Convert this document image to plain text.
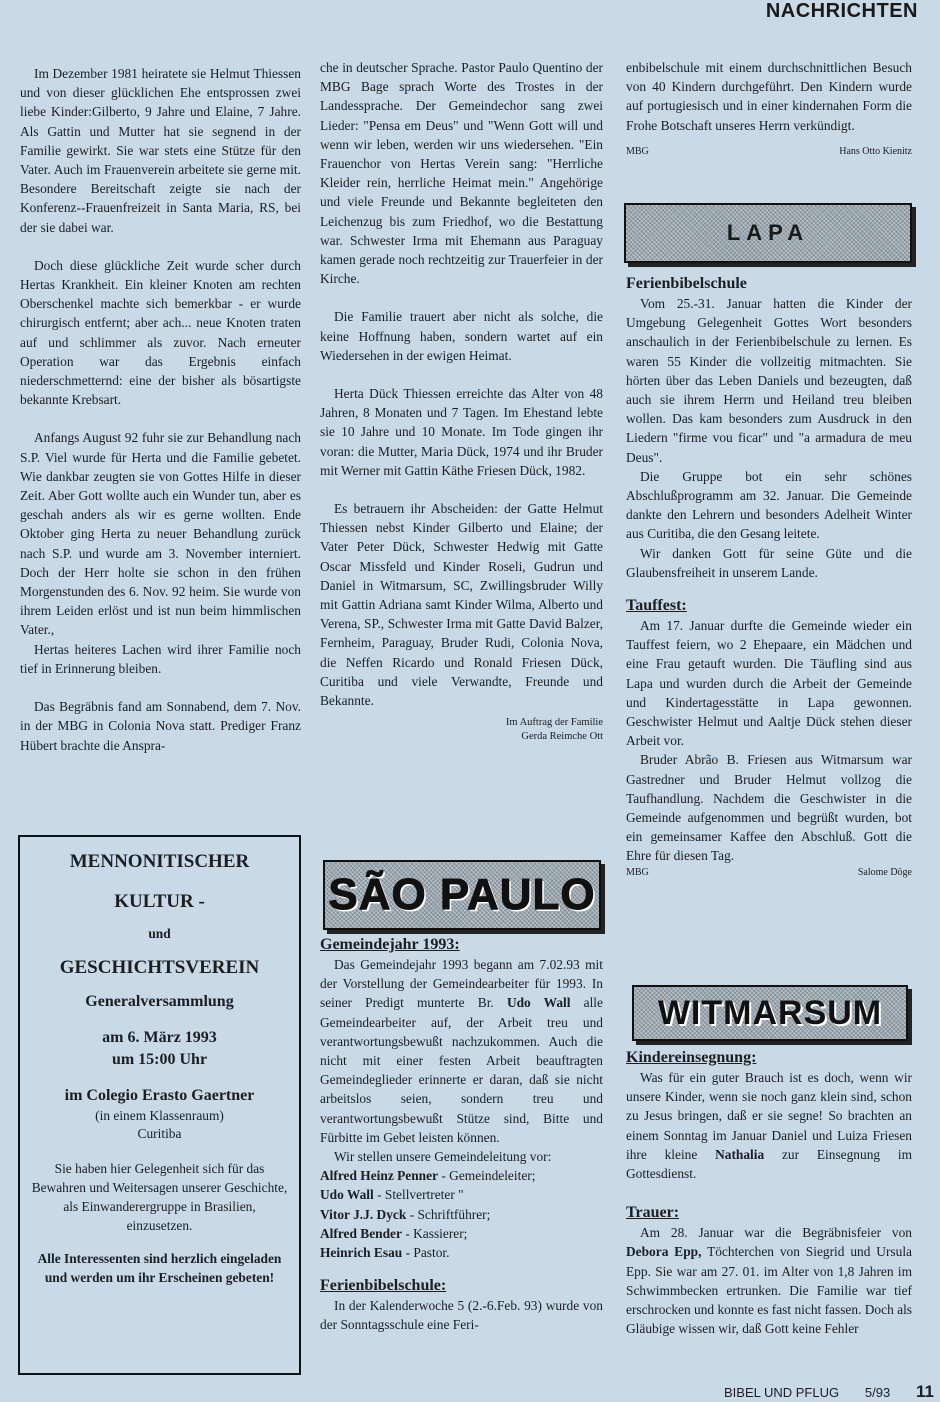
NACHRICHTEN

Im Dezember 1981 heiratete sie Helmut Thiessen und von dieser glücklichen Ehe entsprossen zwei liebe Kinder:Gilberto, 9 Jahre und Elaine, 7 Jahre. Als Gattin und Mutter hat sie segnend in der Familie gewirkt. Sie war stets eine Stütze für den Vater. Auch im Frauenverein arbeitete sie gerne mit. Besondere Bereitschaft zeigte sie nach der Konferenz--Frauenfreizeit in Santa Maria, RS, bei der sie dabei war.

Doch diese glückliche Zeit wurde scher durch Hertas Krankheit. Ein kleiner Knoten am rechten Oberschenkel machte sich bemerkbar - er wurde chirurgisch entfernt; aber ach... neue Knoten traten auf und schlimmer als zuvor. Nach erneuter Operation war das Ergebnis einfach niederschmetternd: eine der bisher als bösartigste bekannte Krebsart.

Anfangs August 92 fuhr sie zur Behandlung nach S.P. Viel wurde für Herta und die Familie gebetet. Wie dankbar zeugten sie von Gottes Hilfe in dieser Zeit. Aber Gott wollte auch ein Wunder tun, aber es geschah anders als wir es gerne wollten. Ende Oktober ging Herta zu neuer Behandlung zurück nach S.P. und wurde am 3. November interniert. Doch der Herr holte sie schon in den frühen Morgenstunden des 6. Nov. 92 heim. Sie wurde von ihrem Leiden erlöst und ist nun beim himmlischen Vater.,

Hertas heiteres Lachen wird ihrer Familie noch tief in Erinnerung bleiben.

Das Begräbnis fand am Sonnabend, dem 7. Nov. in der MBG in Colonia Nova statt. Prediger Franz Hübert brachte die Anspra-

MENNONITISCHER
KULTUR -
und
GESCHICHTSVEREIN
Generalversammlung
am 6. März 1993
um 15:00 Uhr
im Colegio Erasto Gaertner
(in einem Klassenraum)
Curitiba
Sie haben hier Gelegenheit sich für das Bewahren und Weitersagen unserer Geschichte, als Einwanderergruppe in Brasilien, einzusetzen.
Alle Interessenten sind herzlich eingeladen und werden um ihr Erscheinen gebeten!

che in deutscher Sprache. Pastor Paulo Quentino der MBG Bage sprach Worte des Trostes in der Landessprache. Der Gemeindechor sang zwei Lieder: "Pensa em Deus" und "Wenn Gott will und wenn wir leben, werden wir uns wiedersehen. "Ein Frauenchor von Hertas Verein sang: "Herrliche Kleider rein, herrliche Heimat mein." Angehörige und viele Freunde und Bekannte begleiteten den Leichenzug bis zum Friedhof, wo die Bestattung war. Schwester Irma mit Ehemann aus Paraguay kamen gerade noch rechtzeitig zur Trauerfeier in der Kirche.

Die Familie trauert aber nicht als solche, die keine Hoffnung haben, sondern wartet auf ein Wiedersehen in der ewigen Heimat.

Herta Dück Thiessen erreichte das Alter von 48 Jahren, 8 Monaten und 7 Tagen. Im Ehestand lebte sie 10 Jahre und 10 Monate. Im Tode gingen ihr voran: die Mutter, Maria Dück, 1974 und ihr Bruder mit Werner mit Gattin Käthe Friesen Dück, 1982.

Es betrauern ihr Abscheiden: der Gatte Helmut Thiessen nebst Kinder Gilberto und Elaine; der Vater Peter Dück, Schwester Hedwig mit Gatte Oscar Missfeld und Kinder Roseli, Gudrun und Daniel in Witmarsum, SC, Zwillingsbruder Willy mit Gattin Adriana samt Kinder Wilma, Alberto und Verena, SP., Schwester Irma mit Gatte David Balzer, Fernheim, Paraguay, Bruder Rudi, Colonia Nova, die Neffen Ricardo und Ronald Friesen Dück, Curitiba und viele Verwandte, Freunde und Bekannte.

Im Auftrag der Familie
Gerda Reimche Ott
SÃO PAULO

Gemeindejahr 1993:

Das Gemeindejahr 1993 begann am 7.02.93 mit der Vorstellung der Gemeindearbeiter für 1993. In seiner Predigt munterte Br. Udo Wall alle Gemeindearbeiter auf, der Arbeit treu und verantwortungsbewußt nachzukommen. Auch die nicht mit einer festen Arbeit beauftragten Gemeindeglieder erinnerte er daran, daß sie nicht arbeitslos seien, sondern treu und verantwortungsbewußt Stütze sind, Bitte und Fürbitte im Gebet leisten können.

Wir stellen unsere Gemeindeleitung vor:

Alfred Heinz Penner - Gemeindeleiter;
Udo Wall - Stellvertreter "
Vitor J.J. Dyck - Schriftführer;
Alfred Bender - Kassierer;
Heinrich Esau - Pastor.

Ferienbibelschule:

In der Kalenderwoche 5 (2.-6.Feb. 93) wurde von der Sonntagsschule eine Feri-

enbibelschule mit einem durchschnittlichen Besuch von 40 Kindern durchgeführt. Den Kindern wurde auf portugiesisch und in einer kindernahen Form die Frohe Botschaft unseres Herrn verkündigt.

MBG	Hans Otto Kienitz
LAPA

Ferienbibelschule

Vom 25.-31. Januar hatten die Kinder der Umgebung Gelegenheit Gottes Wort besonders anschaulich in der Ferienbibelschule zu lernen. Es waren 55 Kinder die vollzeitig mitmachten. Sie hörten über das Leben Daniels und bezeugten, daß auch sie ihrem Herrn und Heiland treu bleiben wollen. Das kam besonders zum Ausdruck in den Liedern "firme vou ficar" und "a armadura de meu Deus".

Die Gruppe bot ein sehr schönes Abschlußprogramm am 32. Januar. Die Gemeinde dankte den Lehrern und besonders Adelheit Winter aus Curitiba, die den Gesang leitete.

Wir danken Gott für seine Güte und die Glaubensfreiheit in unserem Lande.

Tauffest:

Am 17. Januar durfte die Gemeinde wieder ein Tauffest feiern, wo 2 Ehepaare, ein Mädchen und eine Frau getauft wurden. Die Täufling sind aus Lapa und wurden durch die Arbeit der Gemeinde und Kindertagesstätte in Lapa gewonnen. Geschwister Helmut und Aaltje Dück stehen dieser Arbeit vor.

Bruder Abrão B. Friesen aus Witmarsum war Gastredner und Bruder Helmut vollzog die Taufhandlung. Nachdem die Geschwister in die Gemeinde aufgenommen und begrüßt wurden, bot ein gemeinsamer Kaffee den Abschluß. Gott die Ehre für diesen Tag.

MBG	Salome Döge
WITMARSUM

Kindereinsegnung:

Was für ein guter Brauch ist es doch, wenn wir unsere Kinder, wenn sie noch ganz klein sind, schon zu Jesus bringen, daß er sie segne! So brachten an einem Sonntag im Januar Daniel und Luiza Friesen ihre kleine Nathalia zur Einsegnung im Gottesdienst.

Trauer:

Am 28. Januar war die Begräbnisfeier von Debora Epp, Töchterchen von Siegrid und Ursula Epp. Sie war am 27. 01. im Alter von 1,8 Jahren im Schwimmbecken ertrunken. Die Familie war tief erschrocken und konnte es fast nicht fassen. Doch als Gläubige wissen wir, daß Gott keine Fehler

BIBEL UND PFLUG 5/93 11
